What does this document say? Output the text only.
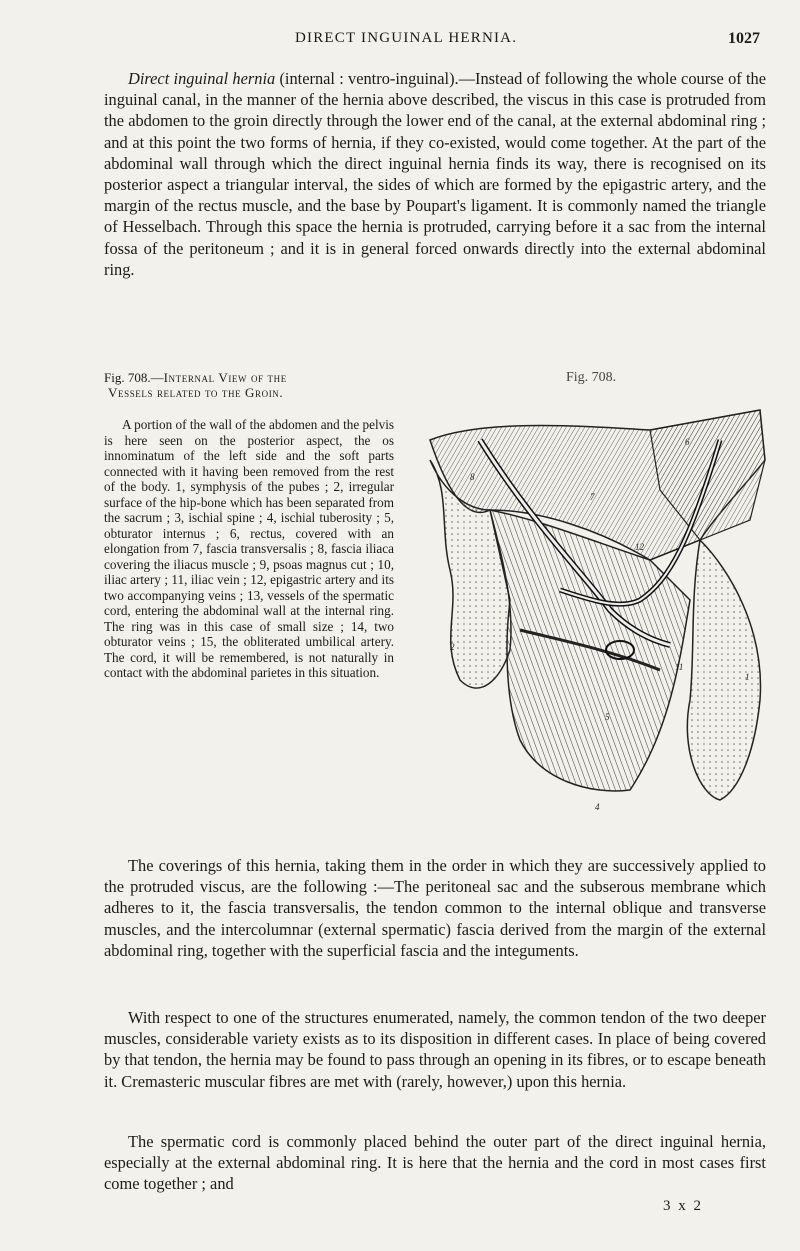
DIRECT INGUINAL HERNIA.	1027

Direct inguinal hernia (internal : ventro-inguinal).—Instead of following the whole course of the inguinal canal, in the manner of the hernia above described, the viscus in this case is protruded from the abdomen to the groin directly through the lower end of the canal, at the external abdominal ring ; and at this point the two forms of hernia, if they co-existed, would come together. At the part of the abdominal wall through which the direct inguinal hernia finds its way, there is recognised on its posterior aspect a triangular interval, the sides of which are formed by the epigastric artery, and the margin of the rectus muscle, and the base by Poupart's ligament. It is commonly named the triangle of Hesselbach. Through this space the hernia is protruded, carrying before it a sac from the internal fossa of the peritoneum ; and it is in general forced onwards directly into the external abdominal ring.

Fig. 708.—Internal View of the
Vessels related to the Groin.

A portion of the wall of the abdomen and the pelvis is here seen on the posterior aspect, the os innominatum of the left side and the soft parts connected with it having been removed from the rest of the body. 1, symphysis of the pubes ; 2, irregular surface of the hip-bone which has been separated from the sacrum ; 3, ischial spine ; 4, ischial tuberosity ; 5, obturator internus ; 6, rectus, covered with an elongation from 7, fascia transversalis ; 8, fascia iliaca covering the iliacus muscle ; 9, psoas magnus cut ; 10, iliac artery ; 11, iliac vein ; 12, epigastric artery and its two accompanying veins ; 13, vessels of the spermatic cord, entering the abdominal wall at the internal ring. The ring was in this case of small size ; 14, two obturator veins ; 15, the obliterated umbilical artery. The cord, it will be remembered, is not naturally in contact with the abdominal parietes in this situation.

Fig. 708.
6
8
7
12
2
5
1
11
4

The coverings of this hernia, taking them in the order in which they are successively applied to the protruded viscus, are the following :—The peritoneal sac and the subserous membrane which adheres to it, the fascia transversalis, the tendon common to the internal oblique and transverse muscles, and the intercolumnar (external spermatic) fascia derived from the margin of the external abdominal ring, together with the superficial fascia and the integuments.

With respect to one of the structures enumerated, namely, the common tendon of the two deeper muscles, considerable variety exists as to its disposition in different cases. In place of being covered by that tendon, the hernia may be found to pass through an opening in its fibres, or to escape beneath it. Cremasteric muscular fibres are met with (rarely, however,) upon this hernia.

The spermatic cord is commonly placed behind the outer part of the direct inguinal hernia, especially at the external abdominal ring. It is here that the hernia and the cord in most cases first come together ; and

3 x 2
